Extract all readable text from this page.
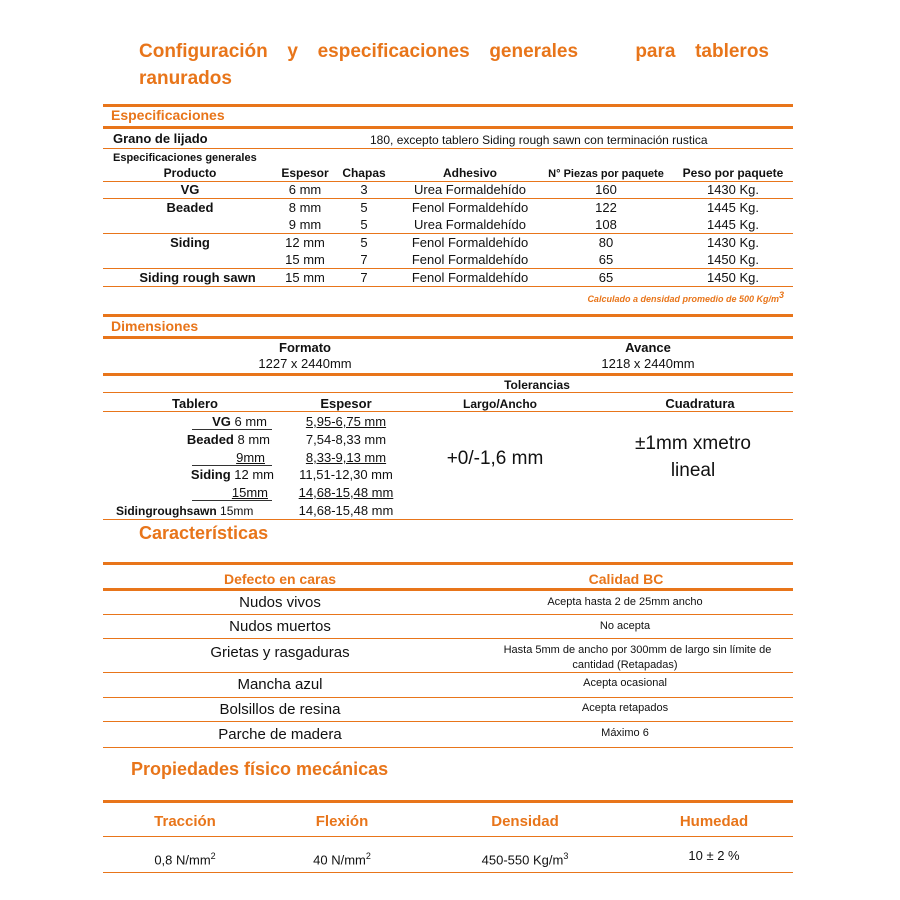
Configuración y especificaciones generales	para tableros
ranurados
Especificaciones
Grano de lijado	180, excepto tablero Siding rough sawn con terminación rustica
Especificaciones generales
Producto	Espesor	Chapas	Adhesivo	N° Piezas por paquete	Peso por paquete
VG	6 mm	3	Urea Formaldehído	160	1430 Kg.
Beaded	8 mm	5	Fenol Formaldehído	122	1445 Kg.
9 mm	5	Urea Formaldehído	108	1445 Kg.
Siding	12 mm	5	Fenol Formaldehído	80	1430 Kg.
15 mm	7	Fenol Formaldehído	65	1450 Kg.
Siding rough sawn	15 mm	7	Fenol Formaldehído	65	1450 Kg.
Calculado a densidad promedio de 500 $Kg/m^3$
Dimensiones
Formato
1227 x 2440mm
Avance
1218 x 2440mm
Tolerancias
Tablero	Espesor	Largo/Ancho	Cuadratura
VG 6 mm	5,95-6,75 mm
Beaded 8 mm	7,54-8,33 mm
9mm	8,33-9,13 mm
Siding 12 mm 11,51-12,30 mm
15mm 14,68-15,48 mm
Sidingroughsawn 15mm	14,68-15,48 mm
+0/-1,6 mm
±1mm xmetro
lineal
Características
Defecto en caras	Calidad BC
Nudos vivos	Acepta hasta 2 de 25mm ancho
Nudos muertos	No acepta
Grietas y rasgaduras	Hasta 5mm de ancho por 300mm de largo sin límite de
cantidad (Retapadas)
Mancha azul	Acepta ocasional
Bolsillos de resina	Acepta retapados
Parche de madera	Máximo 6
Propiedades físico mecánicas
Tracción	Flexión	Densidad	Humedad
0,8 $N/mm^2$	40 $N/mm^2$	450-550 $Kg/m^3$	10 ± 2 %
